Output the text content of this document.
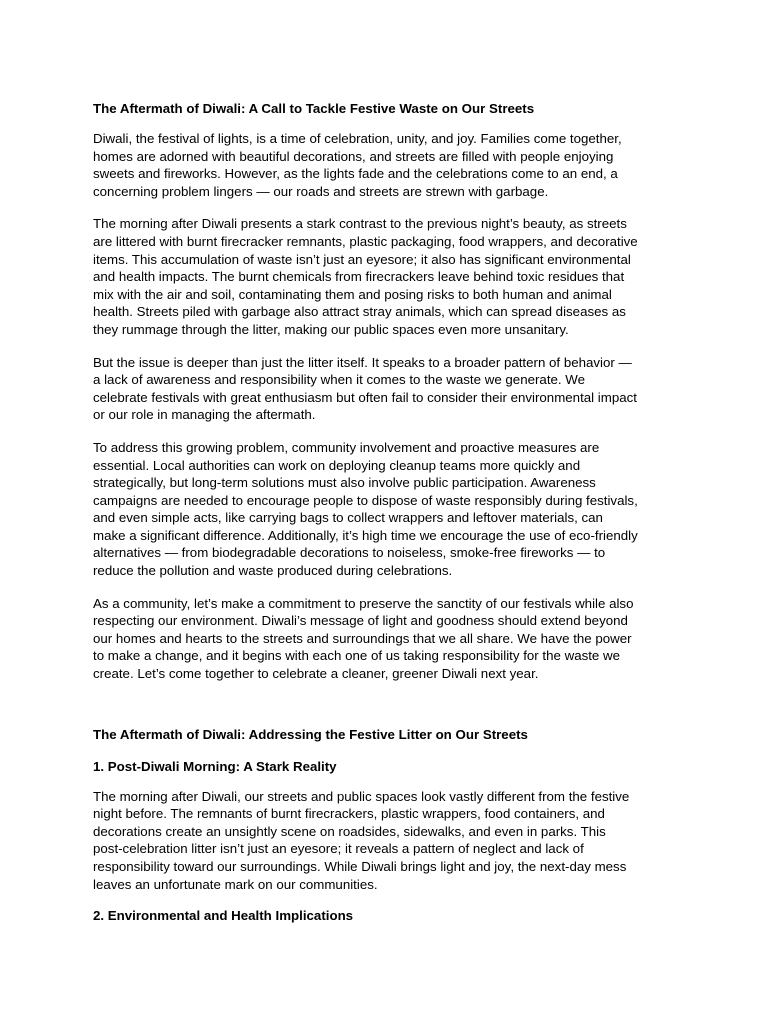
The Aftermath of Diwali: A Call to Tackle Festive Waste on Our Streets

Diwali, the festival of lights, is a time of celebration, unity, and joy. Families come together,
homes are adorned with beautiful decorations, and streets are filled with people enjoying
sweets and fireworks. However, as the lights fade and the celebrations come to an end, a
concerning problem lingers — our roads and streets are strewn with garbage.

The morning after Diwali presents a stark contrast to the previous night’s beauty, as streets
are littered with burnt firecracker remnants, plastic packaging, food wrappers, and decorative
items. This accumulation of waste isn’t just an eyesore; it also has significant environmental
and health impacts. The burnt chemicals from firecrackers leave behind toxic residues that
mix with the air and soil, contaminating them and posing risks to both human and animal
health. Streets piled with garbage also attract stray animals, which can spread diseases as
they rummage through the litter, making our public spaces even more unsanitary.

But the issue is deeper than just the litter itself. It speaks to a broader pattern of behavior —
a lack of awareness and responsibility when it comes to the waste we generate. We
celebrate festivals with great enthusiasm but often fail to consider their environmental impact
or our role in managing the aftermath.

To address this growing problem, community involvement and proactive measures are
essential. Local authorities can work on deploying cleanup teams more quickly and
strategically, but long-term solutions must also involve public participation. Awareness
campaigns are needed to encourage people to dispose of waste responsibly during festivals,
and even simple acts, like carrying bags to collect wrappers and leftover materials, can
make a significant difference. Additionally, it’s high time we encourage the use of eco-friendly
alternatives — from biodegradable decorations to noiseless, smoke-free fireworks — to
reduce the pollution and waste produced during celebrations.

As a community, let’s make a commitment to preserve the sanctity of our festivals while also
respecting our environment. Diwali’s message of light and goodness should extend beyond
our homes and hearts to the streets and surroundings that we all share. We have the power
to make a change, and it begins with each one of us taking responsibility for the waste we
create. Let’s come together to celebrate a cleaner, greener Diwali next year.

The Aftermath of Diwali: Addressing the Festive Litter on Our Streets
1. Post-Diwali Morning: A Stark Reality

The morning after Diwali, our streets and public spaces look vastly different from the festive
night before. The remnants of burnt firecrackers, plastic wrappers, food containers, and
decorations create an unsightly scene on roadsides, sidewalks, and even in parks. This
post-celebration litter isn’t just an eyesore; it reveals a pattern of neglect and lack of
responsibility toward our surroundings. While Diwali brings light and joy, the next-day mess
leaves an unfortunate mark on our communities.

2. Environmental and Health Implications
